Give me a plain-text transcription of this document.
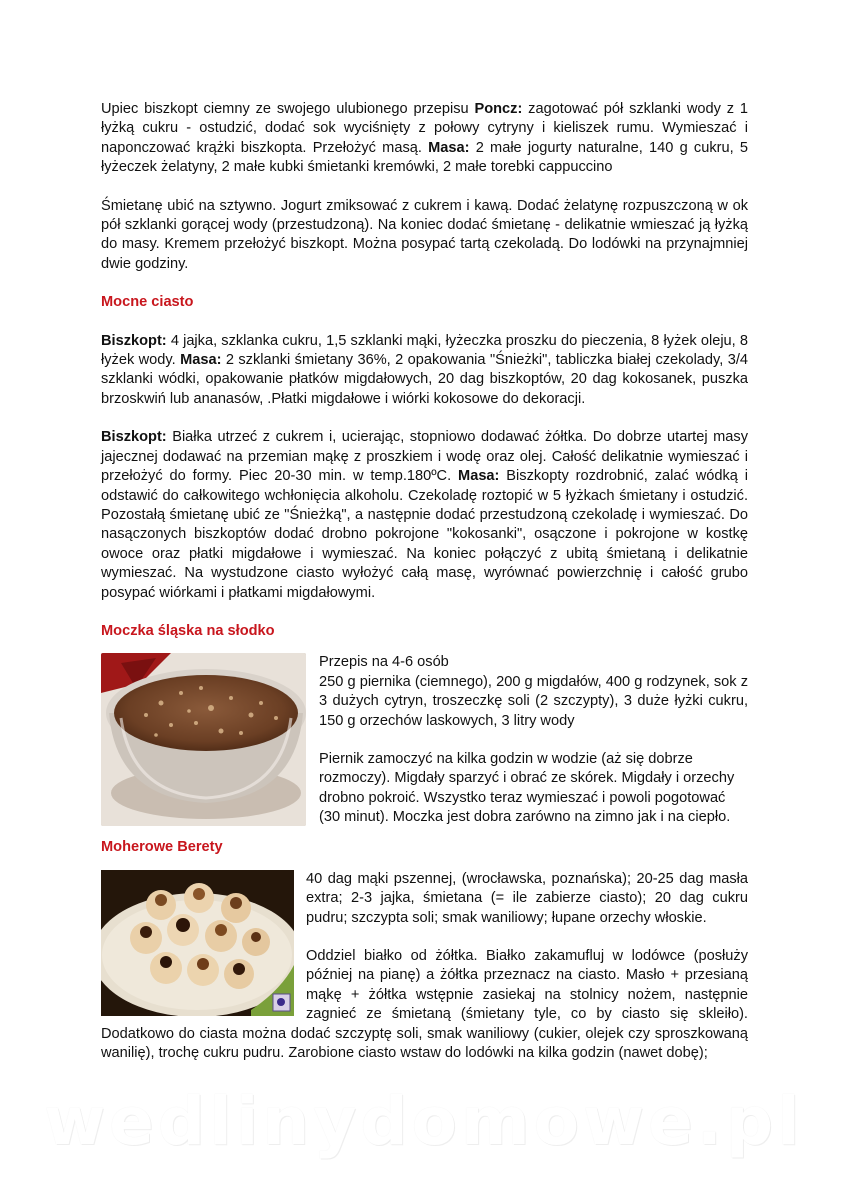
Upiec biszkopt ciemny ze swojego ulubionego przepisu Poncz: zagotować pół szklanki wody z 1 łyżką cukru - ostudzić, dodać sok wyciśnięty z połowy cytryny i kieliszek rumu. Wymieszać i naponczować krążki biszkopta. Przełożyć masą. Masa: 2 małe jogurty naturalne, 140 g cukru, 5 łyżeczek żelatyny, 2 małe kubki śmietanki kremówki, 2 małe torebki cappuccino

Śmietanę ubić na sztywno. Jogurt zmiksować z cukrem i kawą. Dodać żelatynę rozpuszczoną w ok pół szklanki gorącej wody (przestudzoną). Na koniec dodać śmietanę - delikatnie wmieszać ją łyżką do masy. Kremem przełożyć biszkopt. Można posypać tartą czekoladą. Do lodówki na przynajmniej dwie godziny.

Mocne ciasto

Biszkopt: 4 jajka, szklanka cukru, 1,5 szklanki mąki, łyżeczka proszku do pieczenia, 8 łyżek oleju, 8 łyżek wody. Masa: 2 szklanki śmietany 36%, 2 opakowania "Śnieżki", tabliczka białej czekolady, 3/4 szklanki wódki, opakowanie płatków migdałowych, 20 dag biszkoptów, 20 dag kokosanek, puszka brzoskwiń lub ananasów, .Płatki migdałowe i wiórki kokosowe do dekoracji.

Biszkopt: Białka utrzeć z cukrem i, ucierając, stopniowo dodawać żółtka. Do dobrze utartej masy jajecznej dodawać na przemian mąkę z proszkiem i wodę oraz olej. Całość delikatnie wymieszać i przełożyć do formy. Piec 20-30 min. w temp.180ºC. Masa: Biszkopty rozdrobnić, zalać wódką i odstawić do całkowitego wchłonięcia alkoholu. Czekoladę roztopić w 5 łyżkach śmietany i ostudzić. Pozostałą śmietanę ubić ze "Śnieżką", a następnie dodać przestudzoną czekoladę i wymieszać. Do nasączonych biszkoptów dodać drobno pokrojone "kokosanki", osączone i pokrojone w kostkę owoce oraz płatki migdałowe i wymieszać. Na koniec połączyć z ubitą śmietaną i delikatnie wymieszać. Na wystudzone ciasto wyłożyć całą masę, wyrównać powierzchnię i całość grubo posypać wiórkami i płatkami migdałowymi.

Moczka śląska na słodko

Przepis na 4-6 osób

250 g piernika (ciemnego), 200 g migdałów, 400 g rodzynek, sok z 3 dużych cytryn, troszeczkę soli (2 szczypty), 3 duże łyżki cukru, 150 g orzechów laskowych, 3 litry wody

Piernik zamoczyć na kilka godzin w wodzie (aż się dobrze rozmoczy). Migdały sparzyć i obrać ze skórek. Migdały i orzechy drobno pokroić. Wszystko teraz wymieszać i powoli pogotować (30 minut). Moczka jest dobra zarówno na zimno jak i na ciepło.

Moherowe Berety

40 dag mąki pszennej, (wrocławska, poznańska); 20-25 dag masła extra; 2-3 jajka, śmietana (= ile zabierze ciasto); 20 dag cukru pudru; szczypta soli; smak waniliowy; łupane orzechy włoskie.

Oddziel białko od żółtka. Białko zakamufluj w lodówce (posłuży później na pianę) a żółtka przeznacz na ciasto. Masło + przesianą mąkę + żółtka wstępnie zasiekaj na stolnicy nożem, następnie zagnieć ze śmietaną (śmietany tyle, co by ciasto się skleiło). Dodatkowo do ciasta można dodać szczyptę soli, smak waniliowy (cukier, olejek czy sproszkowaną wanilię), trochę cukru pudru. Zarobione ciasto wstaw do lodówki na kilka godzin (nawet dobę);

wedlinydomowe.pl
